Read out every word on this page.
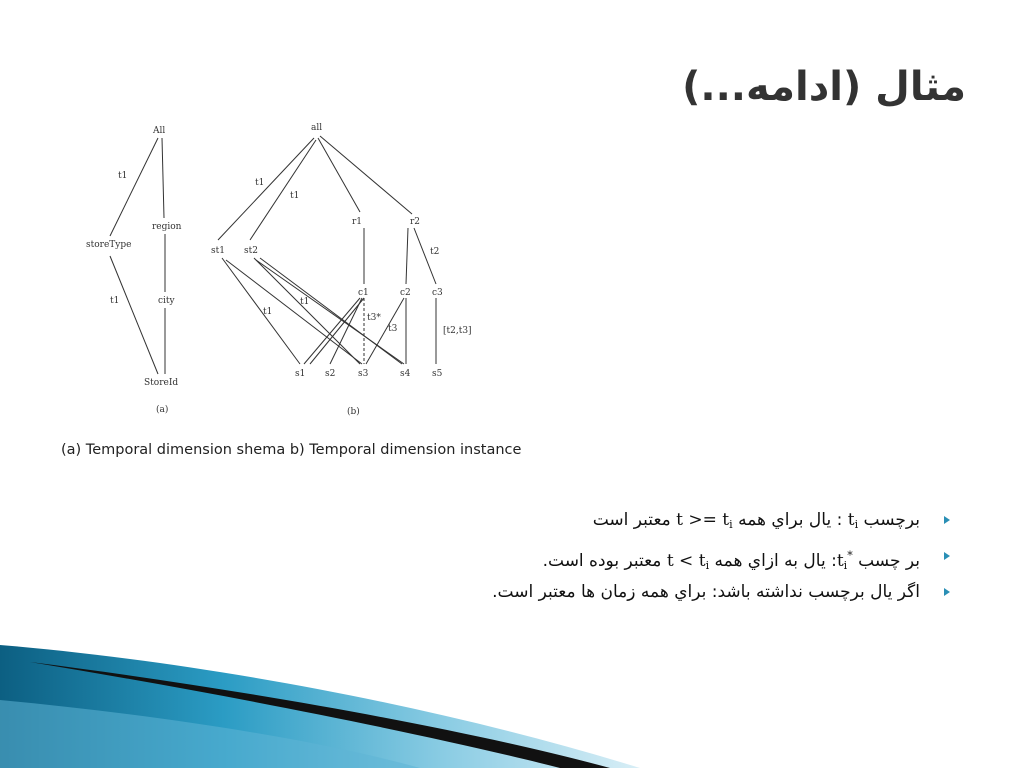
مثال (ادامه...)
All
storeType
region
city
StoreId
t1
t1
(a)
all
st1 st2
r1	r2
c1	c2 c3
s1 s2	s3	s4 s5
t1
t1
t2
t1
t1
t3*
t3	[t2,t3]
(b)
(a) Temporal dimension shema b) Temporal dimension instance
برچسب $t_i$ : یال براي همه $t >= t_i$ معتبر است
بر چسب $t_i^*$: یال به ازاي همه $t < t_i$ معتبر بوده است.
اگر یال برچسب نداشته باشد: براي همه زمان ها معتبر است.
